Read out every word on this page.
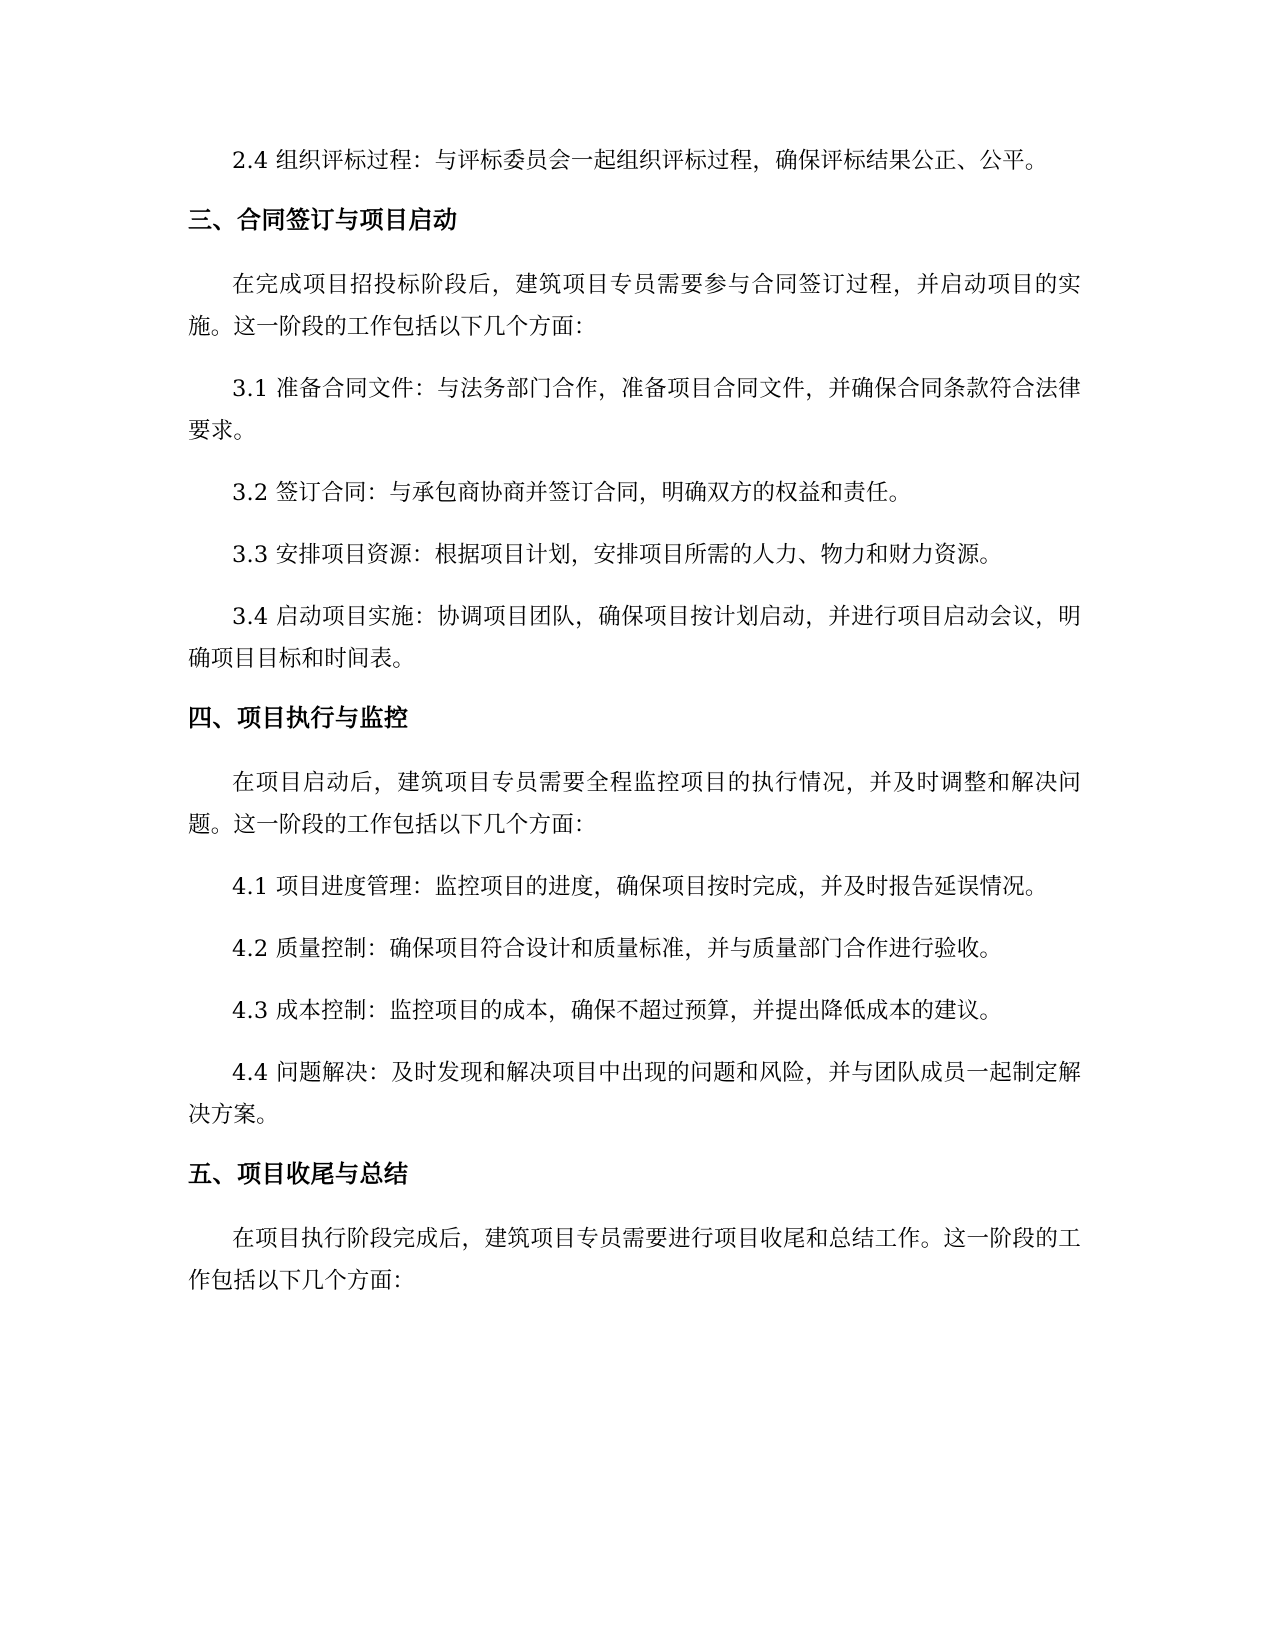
2.4 组织评标过程：与评标委员会一起组织评标过程，确保评标结果公正、公平。

三、合同签订与项目启动

在完成项目招投标阶段后，建筑项目专员需要参与合同签订过程，并启动项目的实施。这一阶段的工作包括以下几个方面：

3.1 准备合同文件：与法务部门合作，准备项目合同文件，并确保合同条款符合法律要求。

3.2 签订合同：与承包商协商并签订合同，明确双方的权益和责任。

3.3 安排项目资源：根据项目计划，安排项目所需的人力、物力和财力资源。

3.4 启动项目实施：协调项目团队，确保项目按计划启动，并进行项目启动会议，明确项目目标和时间表。

四、项目执行与监控

在项目启动后，建筑项目专员需要全程监控项目的执行情况，并及时调整和解决问题。这一阶段的工作包括以下几个方面：

4.1 项目进度管理：监控项目的进度，确保项目按时完成，并及时报告延误情况。

4.2 质量控制：确保项目符合设计和质量标准，并与质量部门合作进行验收。

4.3 成本控制：监控项目的成本，确保不超过预算，并提出降低成本的建议。

4.4 问题解决：及时发现和解决项目中出现的问题和风险，并与团队成员一起制定解决方案。

五、项目收尾与总结

在项目执行阶段完成后，建筑项目专员需要进行项目收尾和总结工作。这一阶段的工作包括以下几个方面：
